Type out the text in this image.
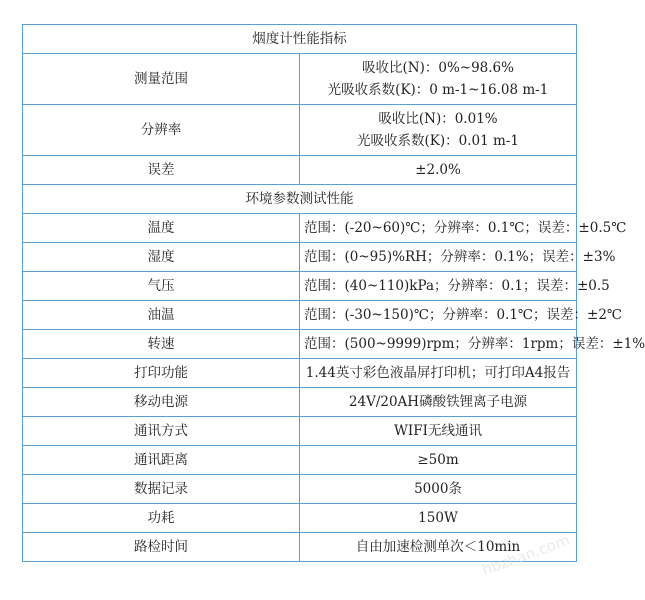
烟度计性能指标	
测量范围	吸收比(N)：0%~98.6%
光吸收系数(K)：0 m-1~16.08 m-1

分辨率	吸收比(N)：0.01%
光吸收系数(K)：0.01 m-1

误差	±2.0%
环境参数测试性能	
温度	范围：(-20~60)℃；分辨率：0.1℃；误差：±0.5℃
湿度	范围：(0~95)%RH；分辨率：0.1%；误差：±3%
气压	范围：(40~110)kPa；分辨率：0.1；误差：±0.5
油温	范围：(-30~150)℃；分辨率：0.1℃；误差：±2℃
转速	范围：(500~9999)rpm；分辨率：1rpm；误差：±1%
打印功能	1.44英寸彩色液晶屏打印机；可打印A4报告
移动电源	24V/20AH磷酸铁锂离子电源
通讯方式	WIFI无线通讯
通讯距离	≥50m
数据记录	5000条
功耗	150W
路检时间	自由加速检测单次＜10min
hbzhan.com
